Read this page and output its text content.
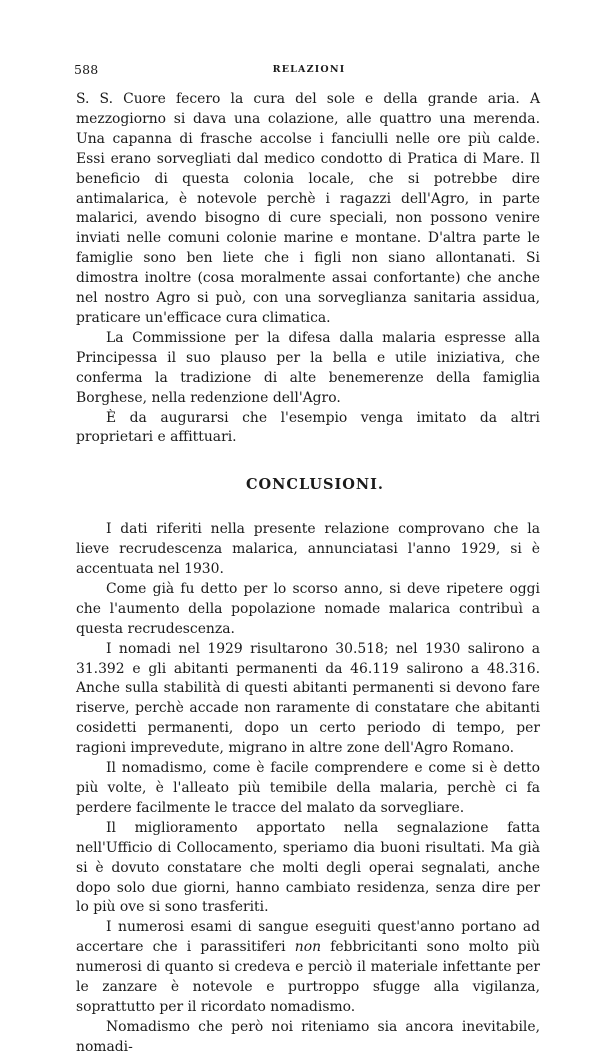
588	RELAZIONI

S. S. Cuore fecero la cura del sole e della grande aria. A mezzogiorno si dava una colazione, alle quattro una merenda. Una capanna di frasche accolse i fanciulli nelle ore più calde. Essi erano sorvegliati dal medico condotto di Pratica di Mare. Il beneficio di questa colonia locale, che si potrebbe dire antimalarica, è notevole perchè i ragazzi dell'Agro, in parte malarici, avendo bisogno di cure speciali, non possono venire inviati nelle comuni colonie marine e montane. D'altra parte le famiglie sono ben liete che i figli non siano allontanati. Si dimostra inoltre (cosa moralmente assai confortante) che anche nel nostro Agro si può, con una sorveglianza sanitaria assidua, praticare un'efficace cura climatica.

La Commissione per la difesa dalla malaria espresse alla Principessa il suo plauso per la bella e utile iniziativa, che conferma la tradizione di alte benemerenze della famiglia Borghese, nella redenzione dell'Agro.

È da augurarsi che l'esempio venga imitato da altri proprietari e affittuari.

CONCLUSIONI.

I dati riferiti nella presente relazione comprovano che la lieve recrudescenza malarica, annunciatasi l'anno 1929, si è accentuata nel 1930.

Come già fu detto per lo scorso anno, si deve ripetere oggi che l'aumento della popolazione nomade malarica contribuì a questa recrudescenza.

I nomadi nel 1929 risultarono 30.518; nel 1930 salirono a 31.392 e gli abitanti permanenti da 46.119 salirono a 48.316. Anche sulla stabilità di questi abitanti permanenti si devono fare riserve, perchè accade non raramente di constatare che abitanti cosidetti permanenti, dopo un certo periodo di tempo, per ragioni imprevedute, migrano in altre zone dell'Agro Romano.

Il nomadismo, come è facile comprendere e come si è detto più volte, è l'alleato più temibile della malaria, perchè ci fa perdere facilmente le tracce del malato da sorvegliare.

Il miglioramento apportato nella segnalazione fatta nell'Ufficio di Collocamento, speriamo dia buoni risultati. Ma già si è dovuto constatare che molti degli operai segnalati, anche dopo solo due giorni, hanno cambiato residenza, senza dire per lo più ove si sono trasferiti.

I numerosi esami di sangue eseguiti quest'anno portano ad accertare che i parassitiferi non febbricitanti sono molto più numerosi di quanto si credeva e perciò il materiale infettante per le zanzare è notevole e purtroppo sfugge alla vigilanza, soprattutto per il ricordato nomadismo.

Nomadismo che però noi riteniamo sia ancora inevitabile, nomadi-
